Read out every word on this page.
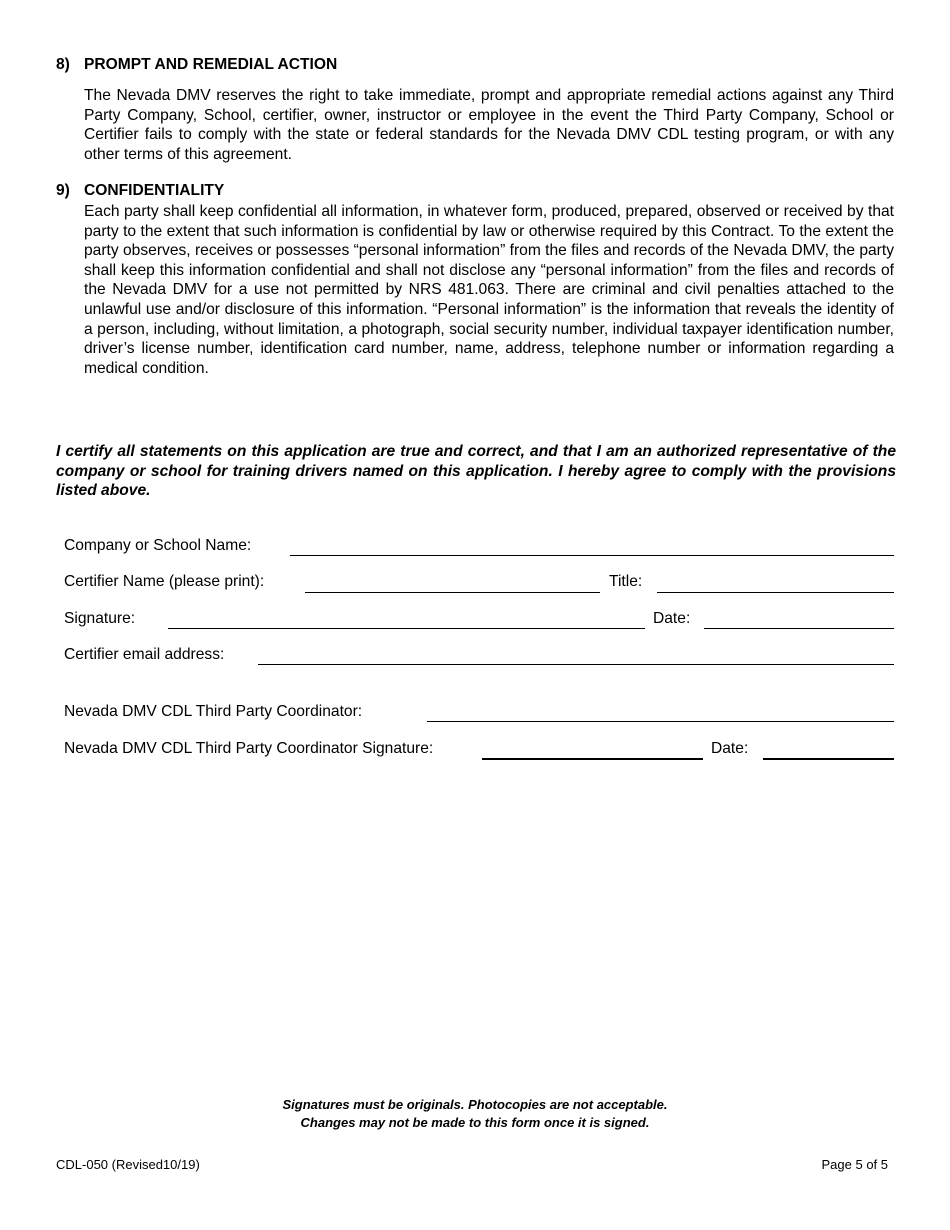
8) PROMPT AND REMEDIAL ACTION
The Nevada DMV reserves the right to take immediate, prompt and appropriate remedial actions against any Third Party Company, School, certifier, owner, instructor or employee in the event the Third Party Company, School or Certifier fails to comply with the state or federal standards for the Nevada DMV CDL testing program, or with any other terms of this agreement.
9) CONFIDENTIALITY
Each party shall keep confidential all information, in whatever form, produced, prepared, observed or received by that party to the extent that such information is confidential by law or otherwise required by this Contract. To the extent the party observes, receives or possesses “personal information” from the files and records of the Nevada DMV, the party shall keep this information confidential and shall not disclose any “personal information” from the files and records of the Nevada DMV for a use not permitted by NRS 481.063. There are criminal and civil penalties attached to the unlawful use and/or disclosure of this information. “Personal information” is the information that reveals the identity of a person, including, without limitation, a photograph, social security number, individual taxpayer identification number, driver’s license number, identification card number, name, address, telephone number or information regarding a medical condition.
I certify all statements on this application are true and correct, and that I am an authorized representative of the company or school for training drivers named on this application. I hereby agree to comply with the provisions listed above.
Company or School Name:
Certifier Name (please print):	Title:
Signature:	Date:
Certifier email address:
Nevada DMV CDL Third Party Coordinator:
Nevada DMV CDL Third Party Coordinator Signature:	Date:
Signatures must be originals. Photocopies are not acceptable.
Changes may not be made to this form once it is signed.
CDL-050 (Revised10/19)	Page 5 of 5
